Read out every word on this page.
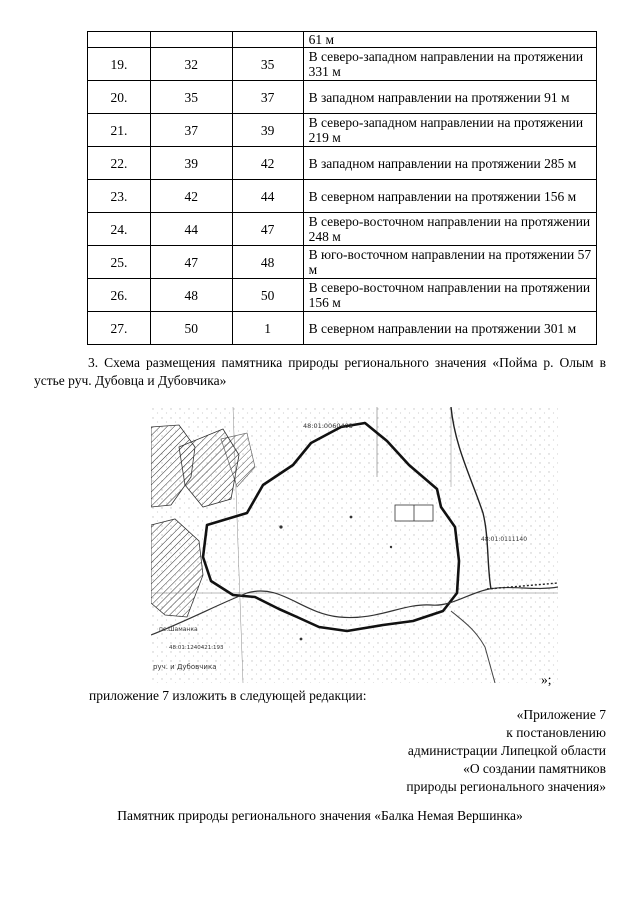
			61 м
19.	32	35	В северо-западном направлении на протяжении 331 м
20.	35	37	В западном направлении на протяжении 91 м
21.	37	39	В северо-западном направлении на протяжении 219 м
22.	39	42	В западном направлении на протяжении 285 м
23.	42	44	В северном направлении на протяжении 156 м
24.	44	47	В северо-восточном направлении на протяжении 248 м
25.	47	48	В юго-восточном направлении на протяжении 57 м
26.	48	50	В северо-восточном направлении на протяжении 156 м
27.	50	1	В северном направлении на протяжении 301 м

3. Схема размещения памятника природы регионального значения «Пойма р. Олым в устье руч. Дубовца и Дубовчика»

48:01:0060403
48:01:0111140
пс.Шаманка
48:01:1240421:193
руч. и Дубовчика
»;
приложение 7 изложить в следующей редакции:
«Приложение 7
к постановлению
администрации Липецкой области
«О создании памятников
природы регионального значения»
Памятник природы регионального значения «Балка Немая Вершинка»
